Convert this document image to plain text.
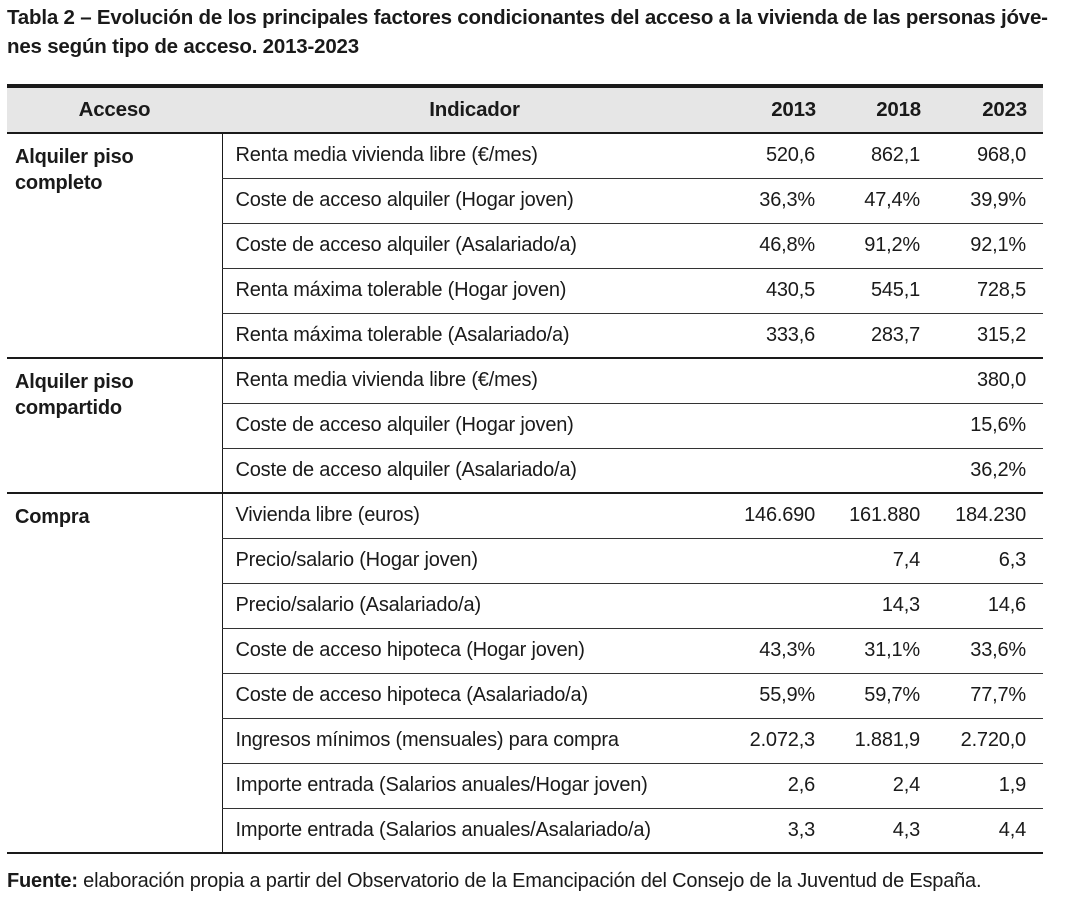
Tabla 2 – Evolución de los principales factores condicionantes del acceso a la vivienda de las personas jóve-nes según tipo de acceso. 2013-2023
Acceso	Indicador	2013	2018	2023
Alquiler piso completo	Renta media vivienda libre (€/mes)	520,6	862,1	968,0
	Coste de acceso alquiler (Hogar joven)	36,3%	47,4%	39,9%
	Coste de acceso alquiler (Asalariado/a)	46,8%	91,2%	92,1%
	Renta máxima tolerable (Hogar joven)	430,5	545,1	728,5
	Renta máxima tolerable (Asalariado/a)	333,6	283,7	315,2
Alquiler piso compartido	Renta media vivienda libre (€/mes)			380,0
	Coste de acceso alquiler (Hogar joven)			15,6%
	Coste de acceso alquiler (Asalariado/a)			36,2%
Compra	Vivienda libre (euros)	146.690	161.880	184.230
	Precio/salario (Hogar joven)		7,4	6,3
	Precio/salario (Asalariado/a)		14,3	14,6
	Coste de acceso hipoteca (Hogar joven)	43,3%	31,1%	33,6%
	Coste de acceso hipoteca (Asalariado/a)	55,9%	59,7%	77,7%
	Ingresos mínimos (mensuales) para compra	2.072,3	1.881,9	2.720,0
	Importe entrada (Salarios anuales/Hogar joven)	2,6	2,4	1,9
	Importe entrada (Salarios anuales/Asalariado/a)	3,3	4,3	4,4
Fuente: elaboración propia a partir del Observatorio de la Emancipación del Consejo de la Juventud de España.
